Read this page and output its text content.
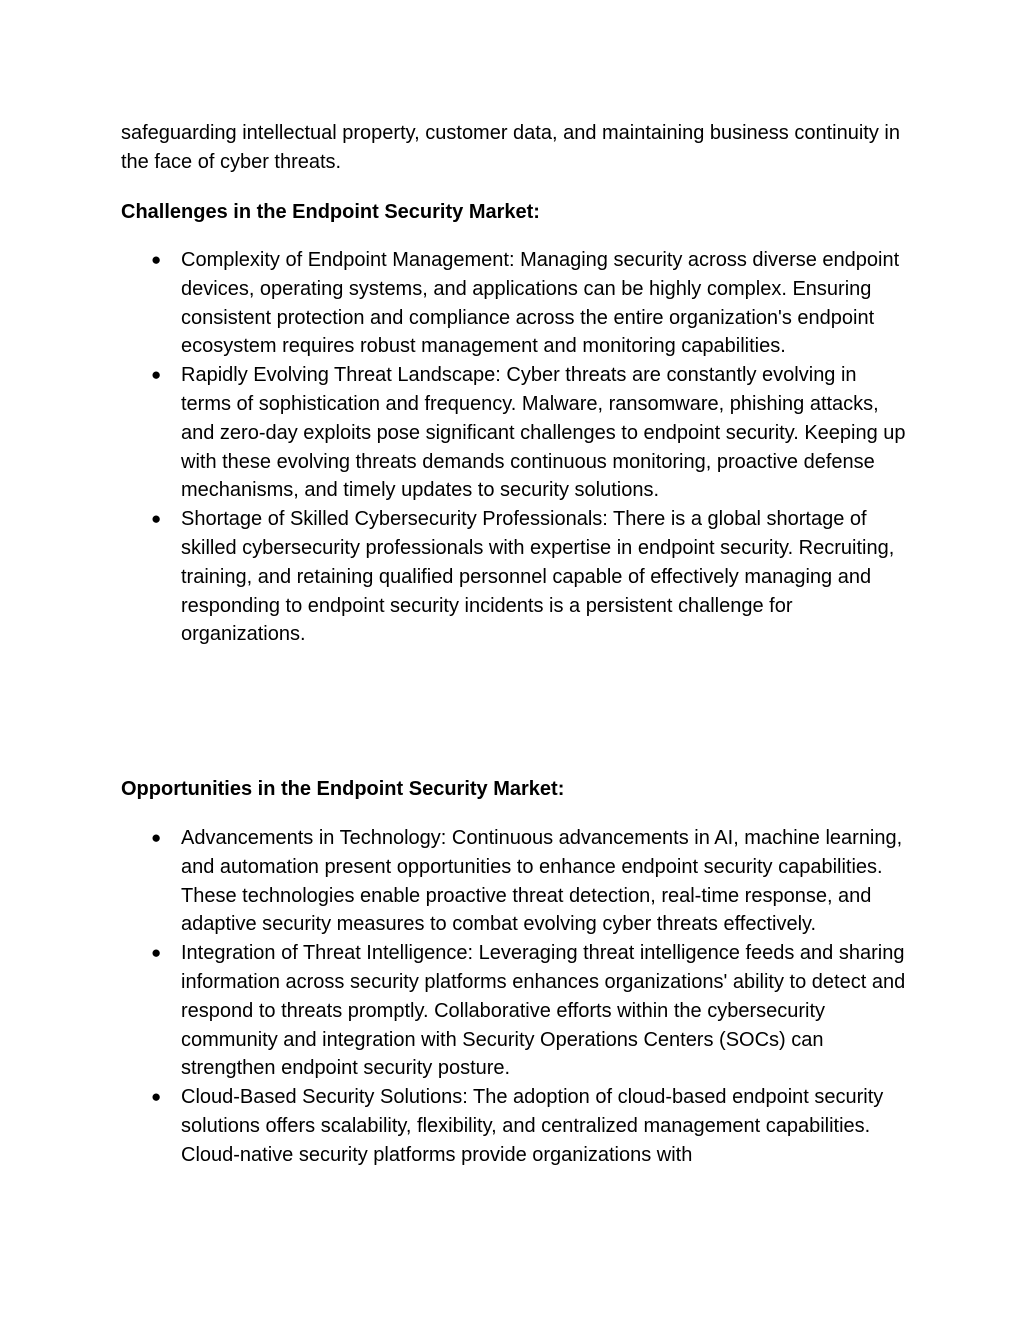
safeguarding intellectual property, customer data, and maintaining business continuity in the face of cyber threats.
Challenges in the Endpoint Security Market:
● Complexity of Endpoint Management: Managing security across diverse endpoint devices, operating systems, and applications can be highly complex. Ensuring consistent protection and compliance across the entire organization's endpoint ecosystem requires robust management and monitoring capabilities.
● Rapidly Evolving Threat Landscape: Cyber threats are constantly evolving in terms of sophistication and frequency. Malware, ransomware, phishing attacks, and zero-day exploits pose significant challenges to endpoint security. Keeping up with these evolving threats demands continuous monitoring, proactive defense mechanisms, and timely updates to security solutions.
● Shortage of Skilled Cybersecurity Professionals: There is a global shortage of skilled cybersecurity professionals with expertise in endpoint security. Recruiting, training, and retaining qualified personnel capable of effectively managing and responding to endpoint security incidents is a persistent challenge for organizations.
Opportunities in the Endpoint Security Market:
● Advancements in Technology: Continuous advancements in AI, machine learning, and automation present opportunities to enhance endpoint security capabilities. These technologies enable proactive threat detection, real-time response, and adaptive security measures to combat evolving cyber threats effectively.
● Integration of Threat Intelligence: Leveraging threat intelligence feeds and sharing information across security platforms enhances organizations' ability to detect and respond to threats promptly. Collaborative efforts within the cybersecurity community and integration with Security Operations Centers (SOCs) can strengthen endpoint security posture.
● Cloud-Based Security Solutions: The adoption of cloud-based endpoint security solutions offers scalability, flexibility, and centralized management capabilities. Cloud-native security platforms provide organizations with
